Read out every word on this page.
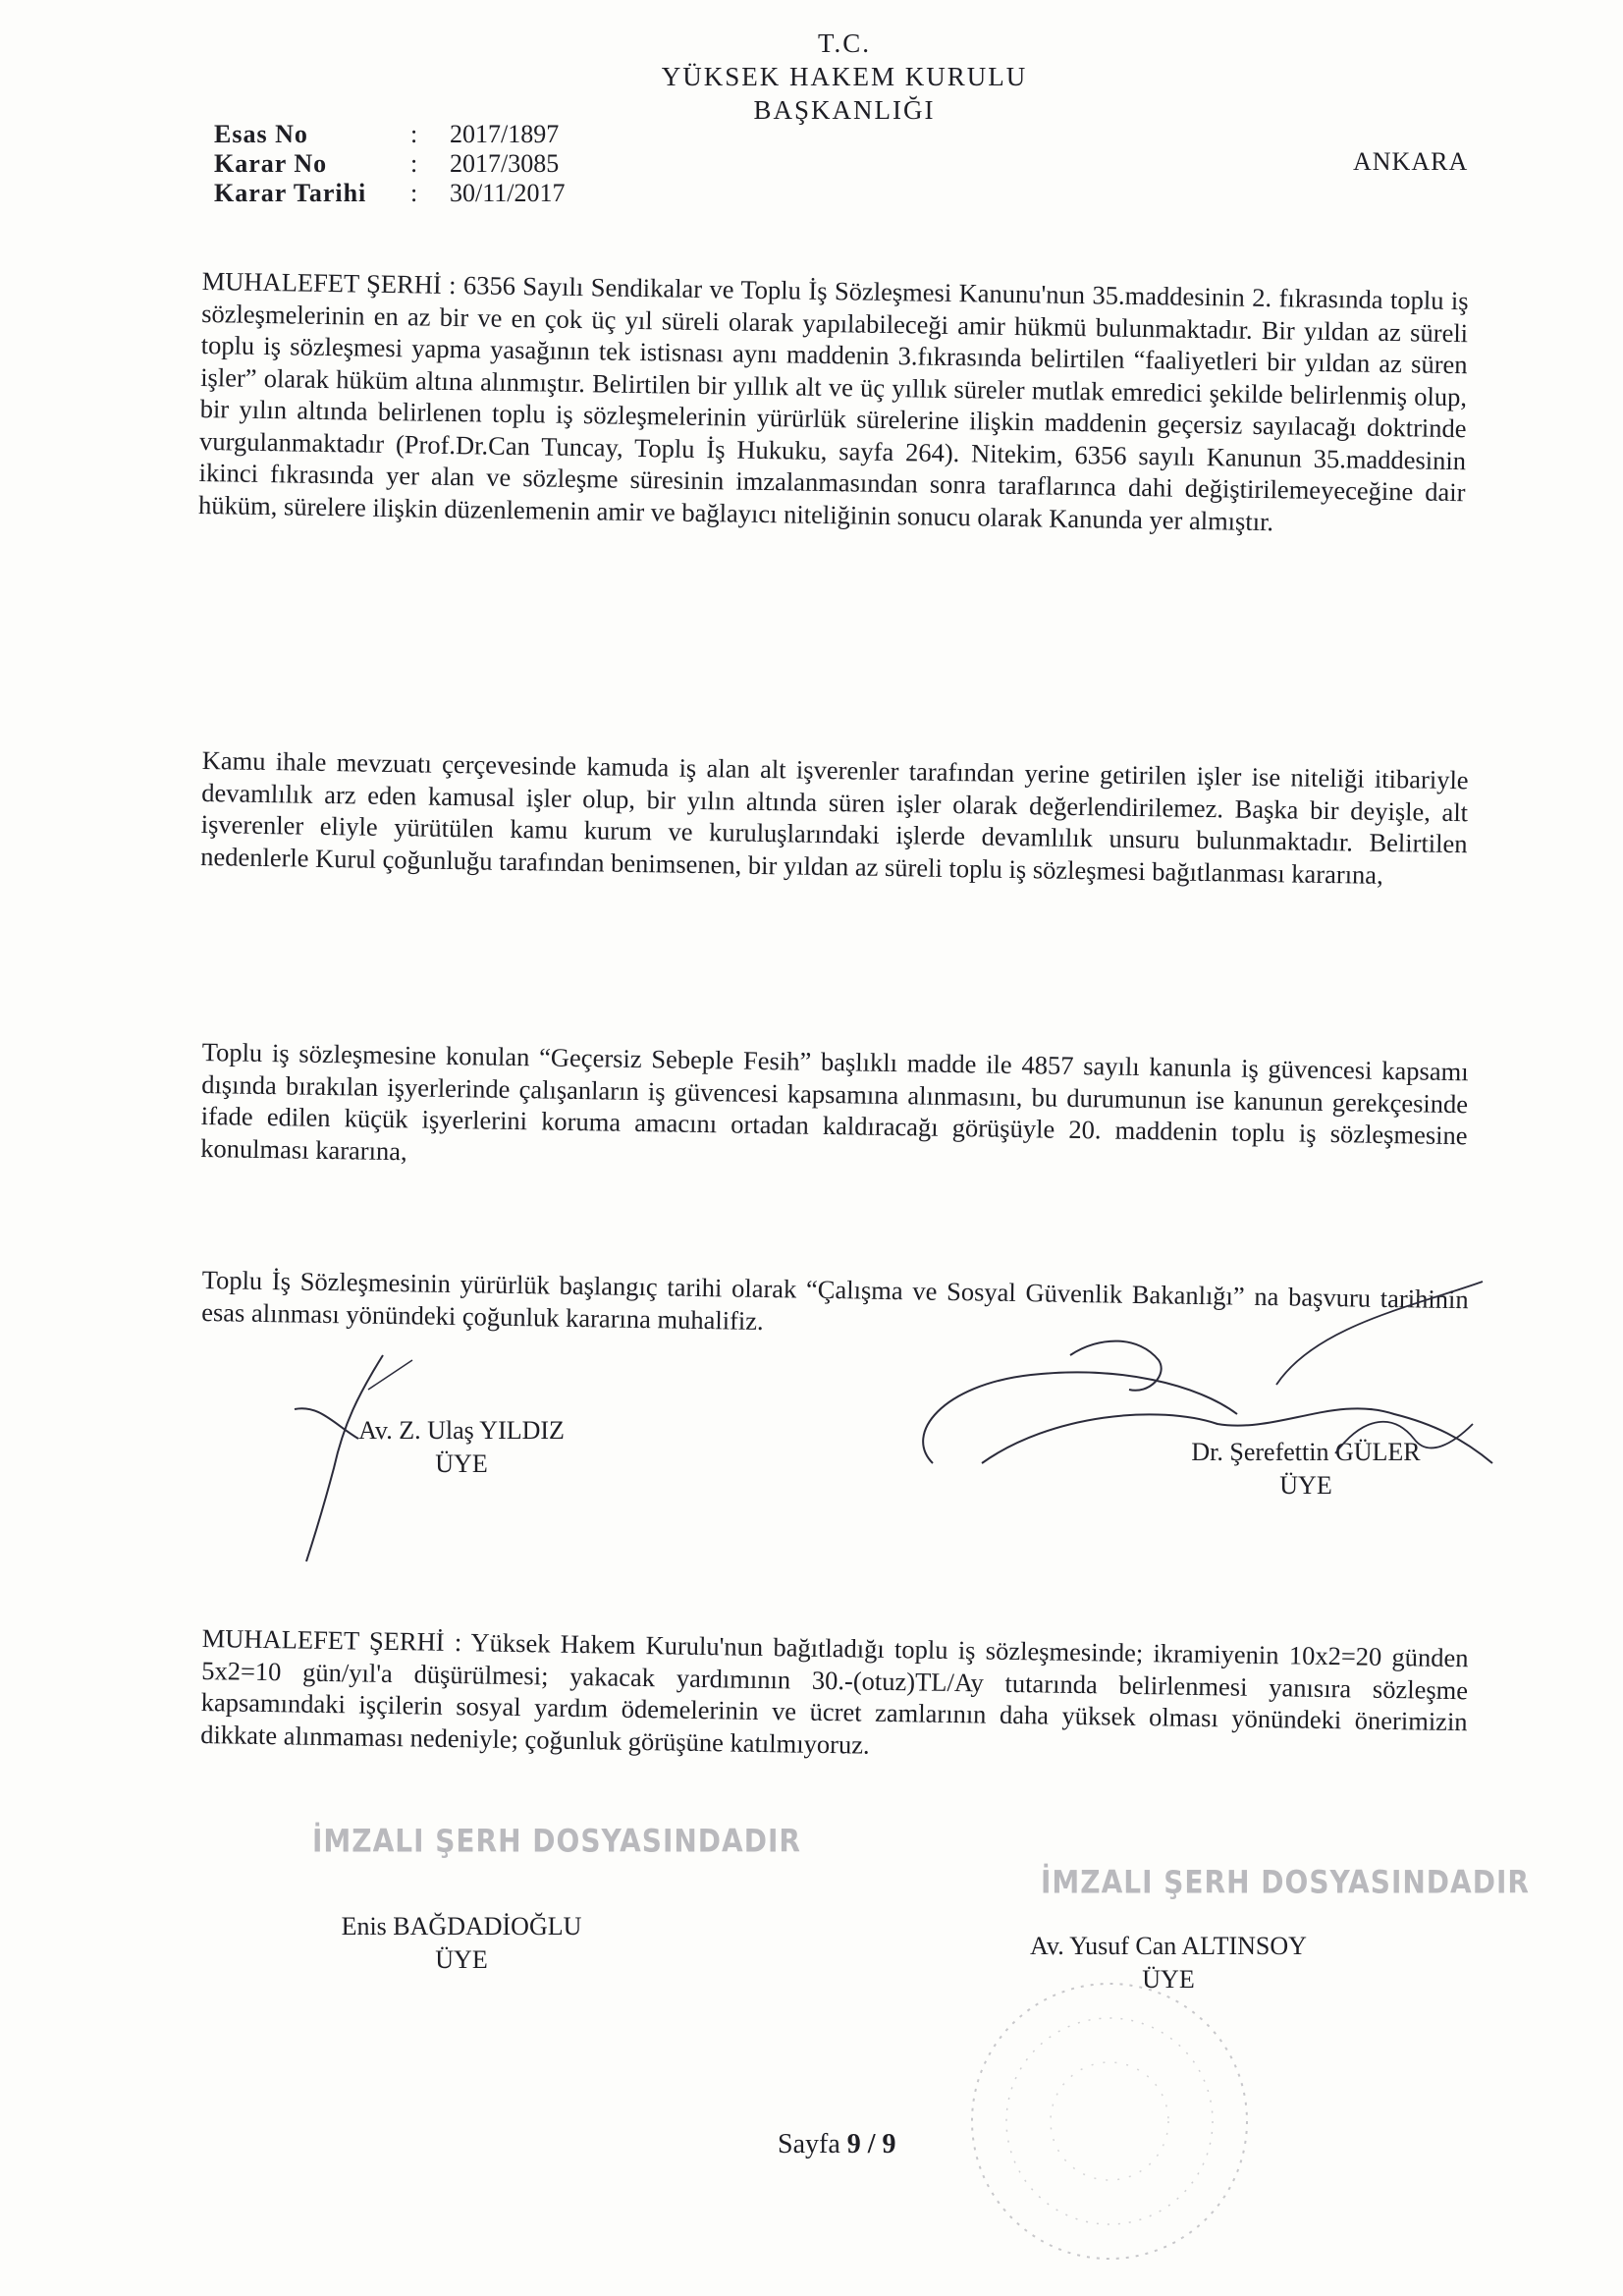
T.C.
YÜKSEK HAKEM KURULU
BAŞKANLIĞI
ANKARA
Esas No	: 2017/1897
Karar No	: 2017/3085
Karar Tarihi : 30/11/2017

MUHALEFET ŞERHİ : 6356 Sayılı Sendikalar ve Toplu İş Sözleşmesi Kanunu'nun 35.maddesinin 2. fıkrasında toplu iş sözleşmelerinin en az bir ve en çok üç yıl süreli olarak yapılabileceği amir hükmü bulunmaktadır. Bir yıldan az süreli toplu iş sözleşmesi yapma yasağının tek istisnası aynı maddenin 3.fıkrasında belirtilen “faaliyetleri bir yıldan az süren işler” olarak hüküm altına alınmıştır. Belirtilen bir yıllık alt ve üç yıllık süreler mutlak emredici şekilde belirlenmiş olup, bir yılın altında belirlenen toplu iş sözleşmelerinin yürürlük sürelerine ilişkin maddenin geçersiz sayılacağı doktrinde vurgulanmaktadır (Prof.Dr.Can Tuncay, Toplu İş Hukuku, sayfa 264). Nitekim, 6356 sayılı Kanunun 35.maddesinin ikinci fıkrasında yer alan ve sözleşme süresinin imzalanmasından sonra taraflarınca dahi değiştirilemeyeceğine dair hüküm, sürelere ilişkin düzenlemenin amir ve bağlayıcı niteliğinin sonucu olarak Kanunda yer almıştır.

Kamu ihale mevzuatı çerçevesinde kamuda iş alan alt işverenler tarafından yerine getirilen işler ise niteliği itibariyle devamlılık arz eden kamusal işler olup, bir yılın altında süren işler olarak değerlendirilemez. Başka bir deyişle, alt işverenler eliyle yürütülen kamu kurum ve kuruluşlarındaki işlerde devamlılık unsuru bulunmaktadır. Belirtilen nedenlerle Kurul çoğunluğu tarafından benimsenen, bir yıldan az süreli toplu iş sözleşmesi bağıtlanması kararına,

Toplu iş sözleşmesine konulan “Geçersiz Sebeple Fesih” başlıklı madde ile 4857 sayılı kanunla iş güvencesi kapsamı dışında bırakılan işyerlerinde çalışanların iş güvencesi kapsamına alınmasını, bu durumunun ise kanunun gerekçesinde ifade edilen küçük işyerlerini koruma amacını ortadan kaldıracağı görüşüyle 20. maddenin toplu iş sözleşmesine konulması kararına,

Toplu İş Sözleşmesinin yürürlük başlangıç tarihi olarak “Çalışma ve Sosyal Güvenlik Bakanlığı” na başvuru tarihinin esas alınması yönündeki çoğunluk kararına muhalifiz.

Av. Z. Ulaş YILDIZ
ÜYE	Dr. Şerefettin GÜLER
ÜYE

MUHALEFET ŞERHİ : Yüksek Hakem Kurulu'nun bağıtladığı toplu iş sözleşmesinde; ikramiyenin 10x2=20 günden 5x2=10 gün/yıl'a düşürülmesi; yakacak yardımının 30.-(otuz)TL/Ay tutarında belirlenmesi yanısıra sözleşme kapsamındaki işçilerin sosyal yardım ödemelerinin ve ücret zamlarının daha yüksek olması yönündeki önerimizin dikkate alınmaması nedeniyle; çoğunluk görüşüne katılmıyoruz.

İMZALI ŞERH DOSYASINDADIR
İMZALI ŞERH DOSYASINDADIR
Enis BAĞDADİOĞLU
ÜYE	Av. Yusuf Can ALTINSOY
ÜYE
Sayfa 9 / 9
